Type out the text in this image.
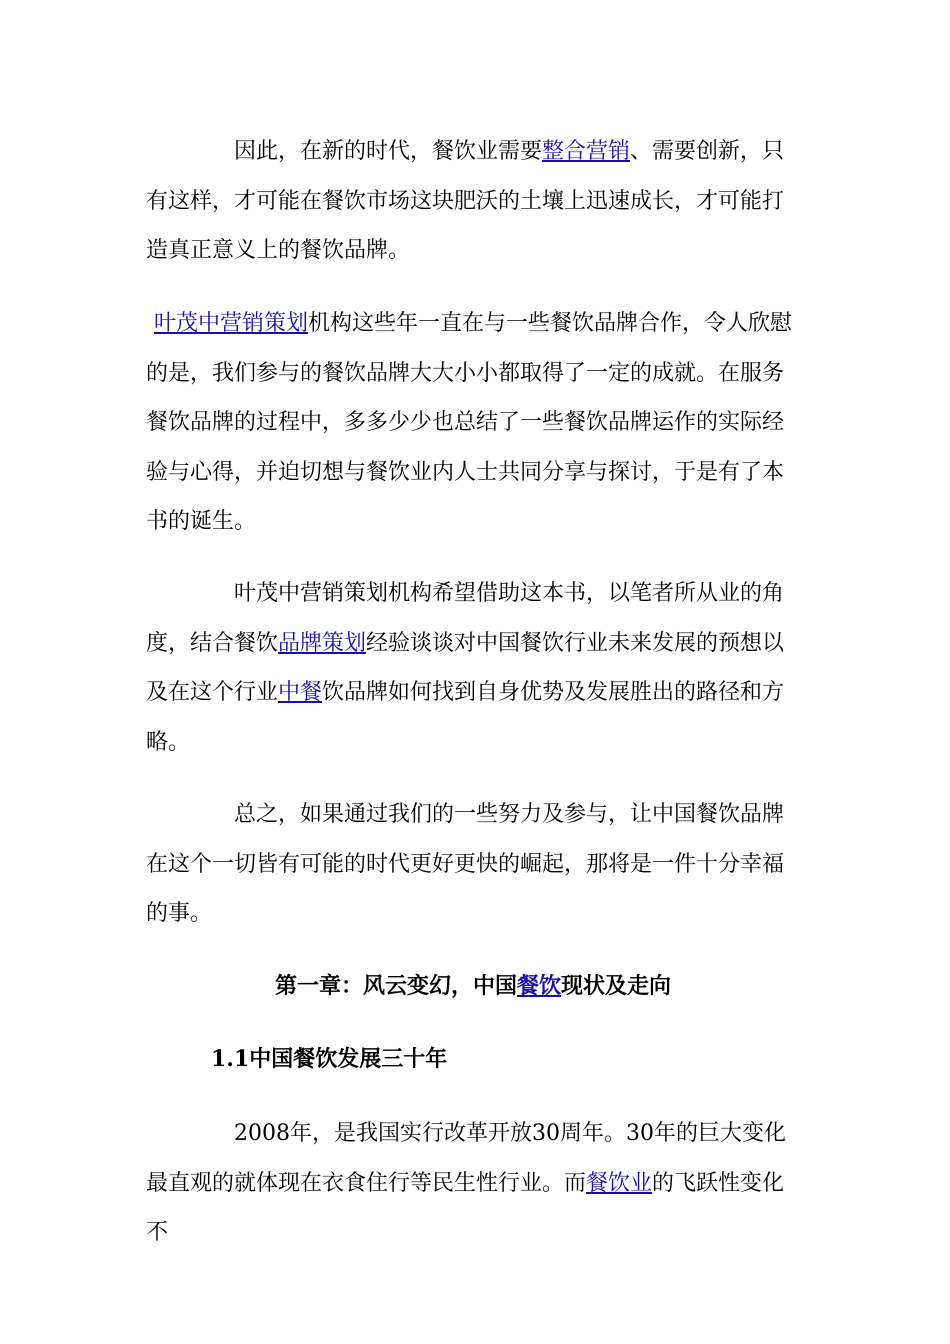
因此，在新的时代，餐饮业需要整合营销、需要创新，只有这样，才可能在餐饮市场这块肥沃的土壤上迅速成长，才可能打造真正意义上的餐饮品牌。

叶茂中营销策划机构这些年一直在与一些餐饮品牌合作，令人欣慰的是，我们参与的餐饮品牌大大小小都取得了一定的成就。在服务餐饮品牌的过程中，多多少少也总结了一些餐饮品牌运作的实际经验与心得，并迫切想与餐饮业内人士共同分享与探讨，于是有了本书的诞生。

叶茂中营销策划机构希望借助这本书，以笔者所从业的角度，结合餐饮品牌策划经验谈谈对中国餐饮行业未来发展的预想以及在这个行业中餐饮品牌如何找到自身优势及发展胜出的路径和方略。

总之，如果通过我们的一些努力及参与，让中国餐饮品牌在这个一切皆有可能的时代更好更快的崛起，那将是一件十分幸福的事。

第一章：风云变幻，中国餐饮现状及走向
1.1中国餐饮发展三十年

2008年，是我国实行改革开放30周年。30年的巨大变化最直观的就体现在衣食住行等民生性行业。而餐饮业的飞跃性变化不
